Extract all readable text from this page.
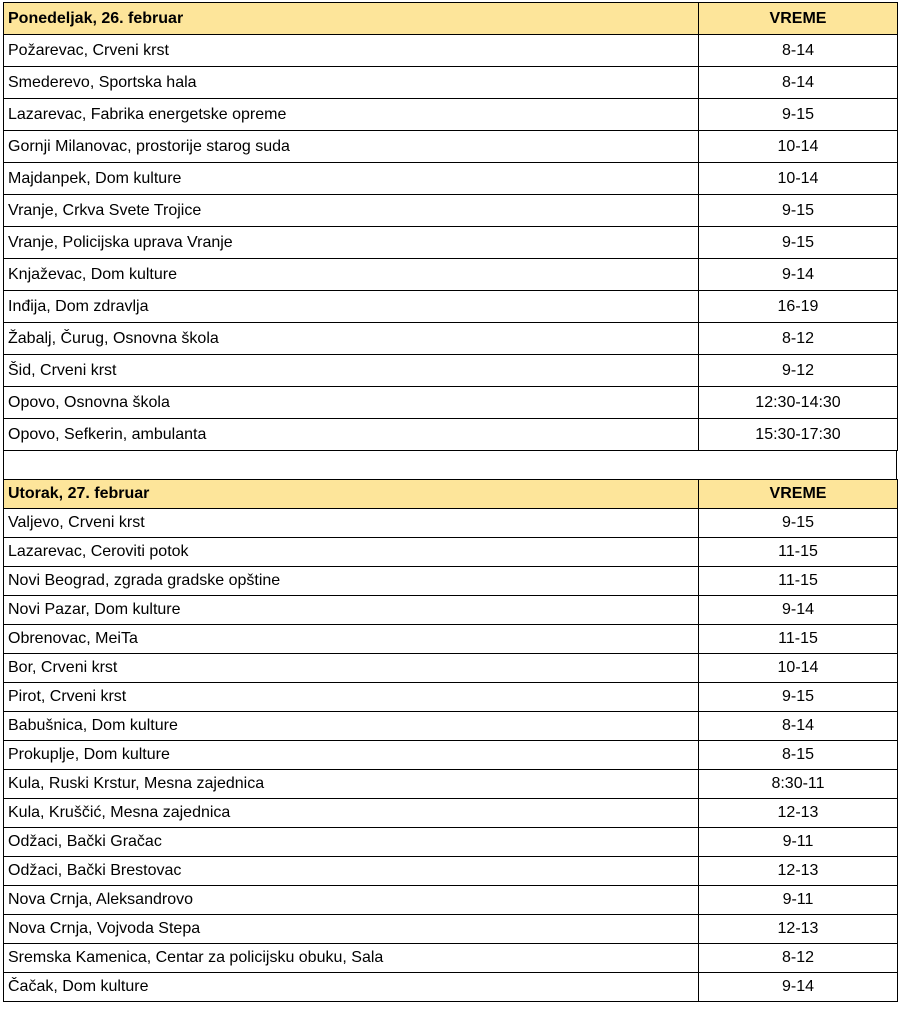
Ponedeljak, 26. februar	VREME
Požarevac, Crveni krst	8-14
Smederevo, Sportska hala	8-14
Lazarevac, Fabrika energetske opreme	9-15
Gornji Milanovac, prostorije starog suda	10-14
Majdanpek, Dom kulture	10-14
Vranje, Crkva Svete Trojice	9-15
Vranje, Policijska uprava Vranje	9-15
Knjaževac, Dom kulture	9-14
Inđija, Dom zdravlja	16-19
Žabalj, Čurug, Osnovna škola	8-12
Šid, Crveni krst	9-12
Opovo, Osnovna škola	12:30-14:30
Opovo, Sefkerin, ambulanta	15:30-17:30
Utorak, 27. februar	VREME
Valjevo, Crveni krst	9-15
Lazarevac, Ceroviti potok	11-15
Novi Beograd, zgrada gradske opštine	11-15
Novi Pazar, Dom kulture	9-14
Obrenovac, MeiTa	11-15
Bor, Crveni krst	10-14
Pirot, Crveni krst	9-15
Babušnica, Dom kulture	8-14
Prokuplje, Dom kulture	8-15
Kula, Ruski Krstur, Mesna zajednica	8:30-11
Kula, Kruščić, Mesna zajednica	12-13
Odžaci, Bački Gračac	9-11
Odžaci, Bački Brestovac	12-13
Nova Crnja, Aleksandrovo	9-11
Nova Crnja, Vojvoda Stepa	12-13
Sremska Kamenica, Centar za policijsku obuku, Sala	8-12
Čačak, Dom kulture	9-14
